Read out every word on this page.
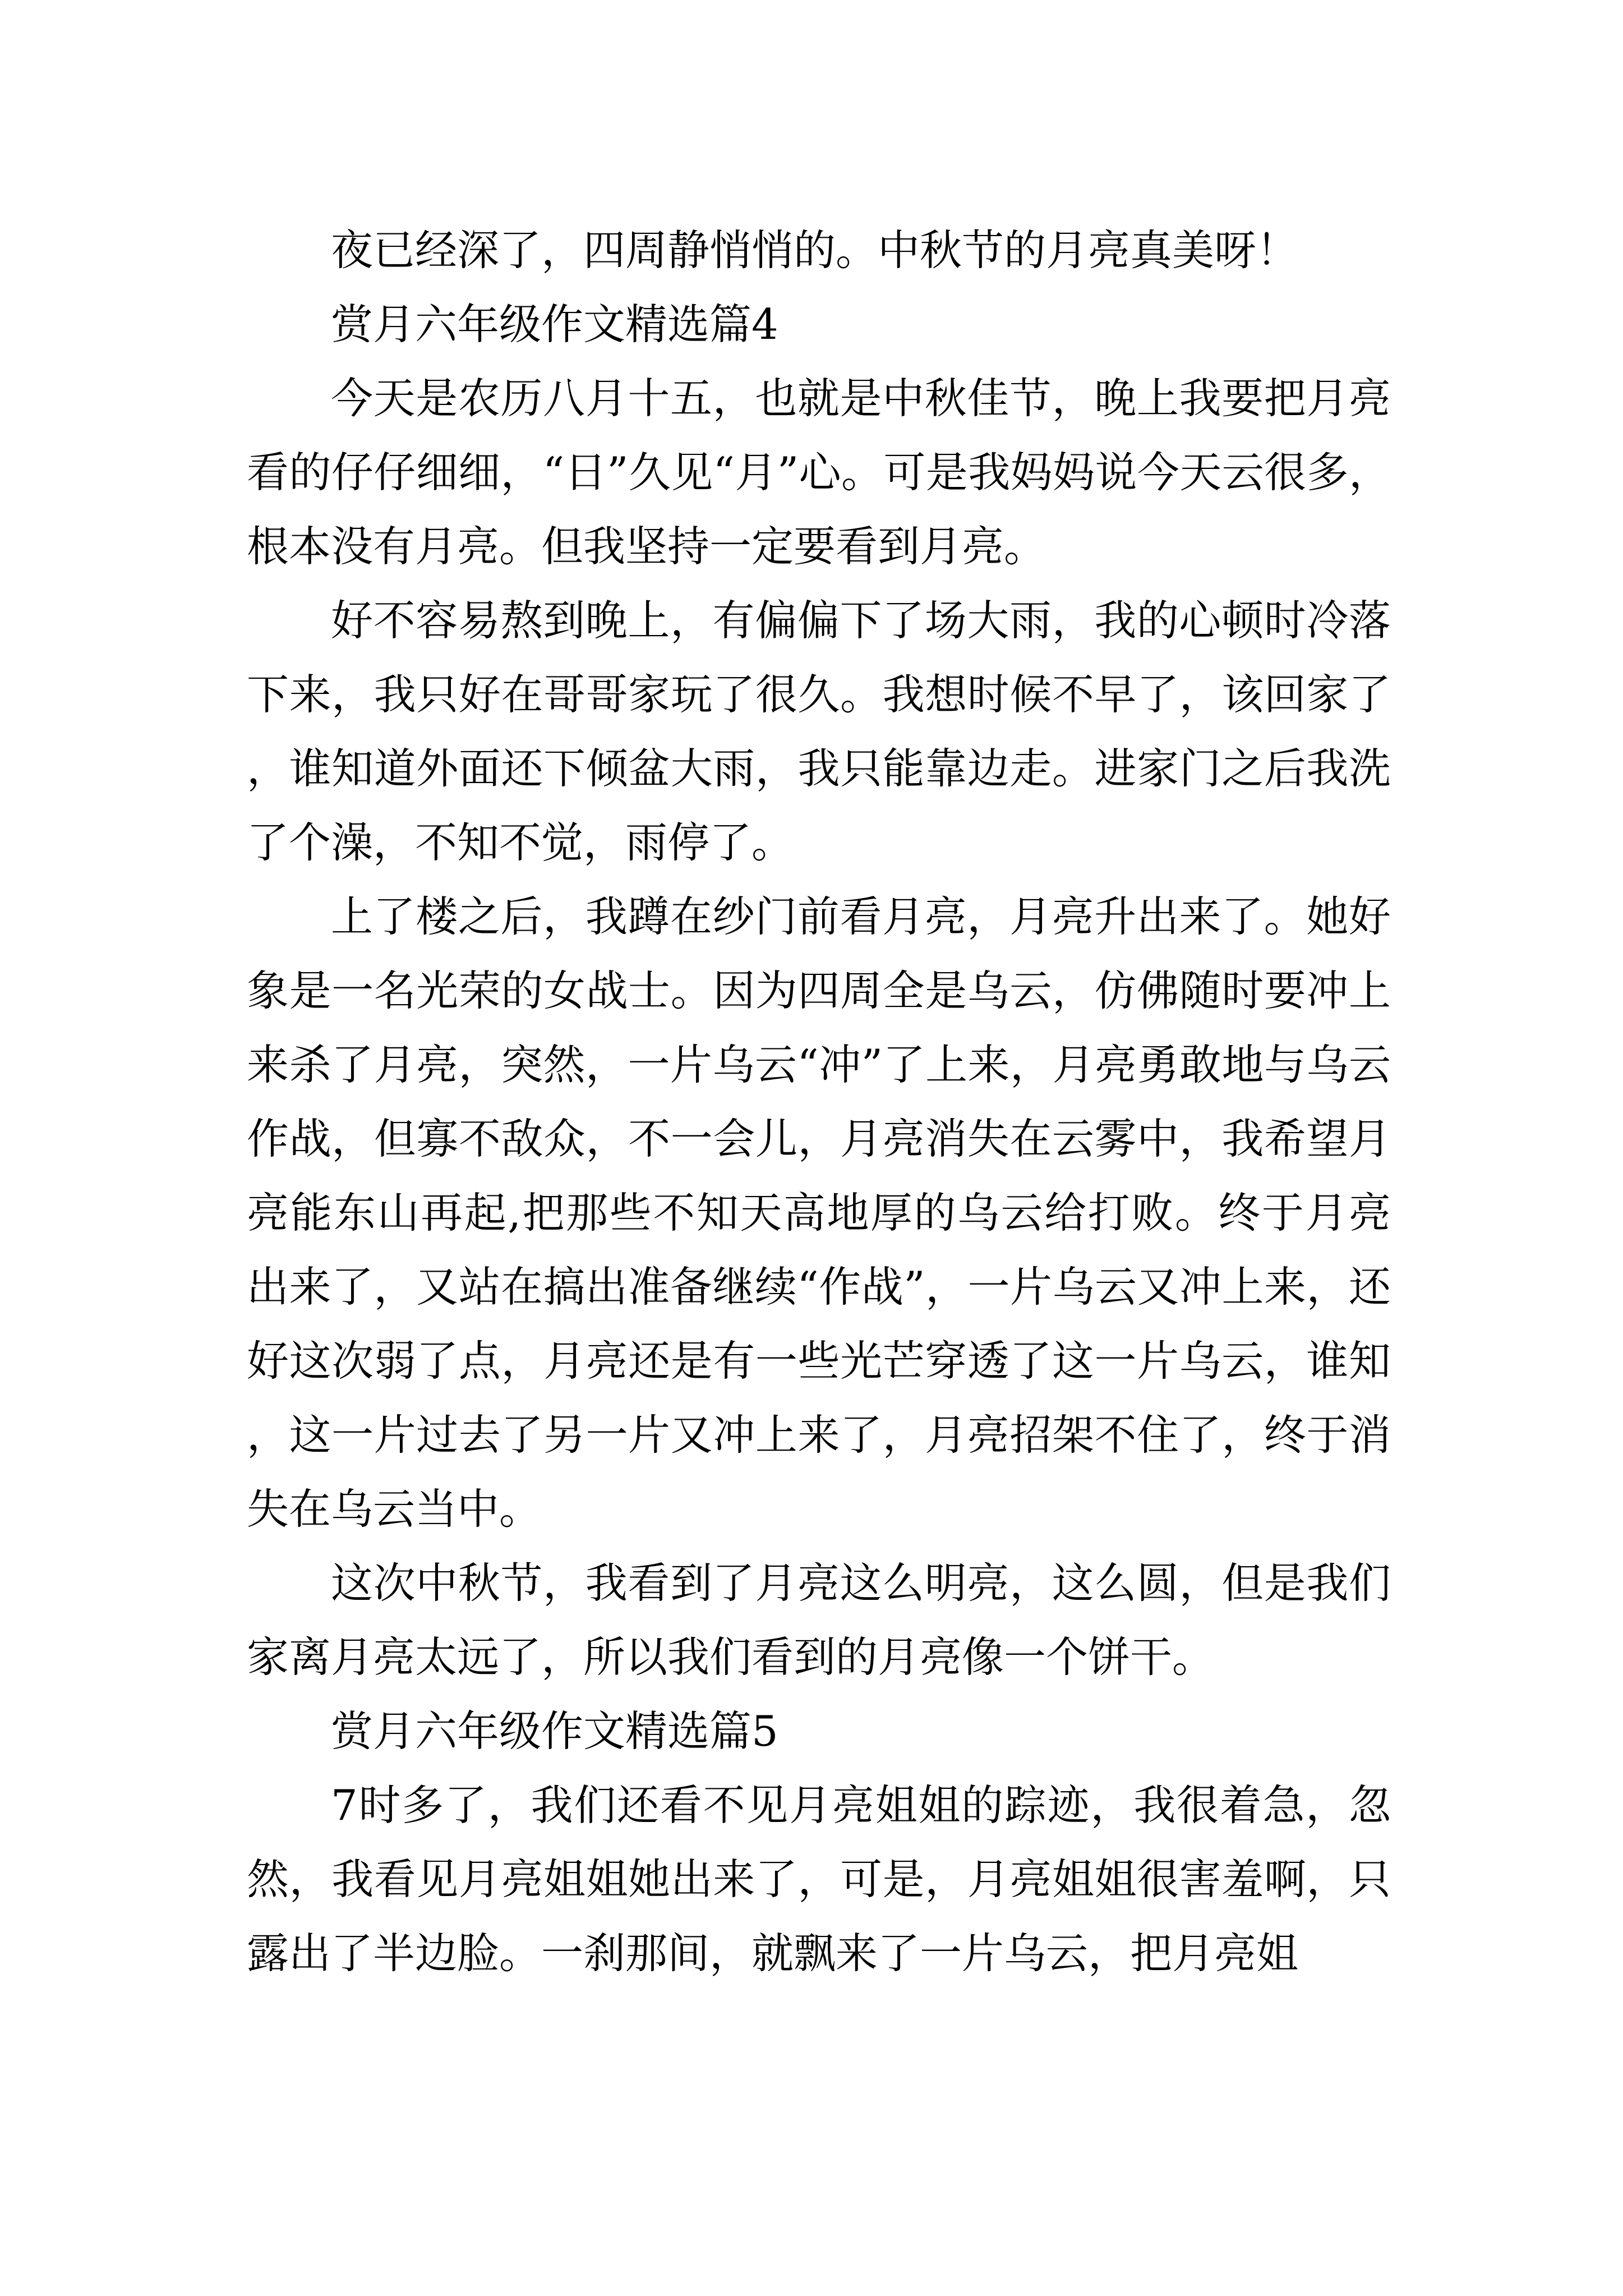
夜已经深了，四周静悄悄的。中秋节的月亮真美呀！

赏月六年级作文精选篇4

今天是农历八月十五，也就是中秋佳节，晚上我要把月亮看的仔仔细细，“日”久见“月”心。可是我妈妈说今天云很多，根本没有月亮。但我坚持一定要看到月亮。

好不容易熬到晚上，有偏偏下了场大雨，我的心顿时冷落下来，我只好在哥哥家玩了很久。我想时候不早了，该回家了，谁知道外面还下倾盆大雨，我只能靠边走。进家门之后我洗了个澡，不知不觉，雨停了。

上了楼之后，我蹲在纱门前看月亮，月亮升出来了。她好象是一名光荣的女战士。因为四周全是乌云，仿佛随时要冲上来杀了月亮，突然，一片乌云“冲”了上来，月亮勇敢地与乌云作战，但寡不敌众，不一会儿，月亮消失在云雾中，我希望月亮能东山再起,把那些不知天高地厚的乌云给打败。终于月亮出来了，又站在搞出准备继续“作战”，一片乌云又冲上来，还好这次弱了点，月亮还是有一些光芒穿透了这一片乌云，谁知，这一片过去了另一片又冲上来了，月亮招架不住了，终于消失在乌云当中。

这次中秋节，我看到了月亮这么明亮，这么圆，但是我们家离月亮太远了，所以我们看到的月亮像一个饼干。

赏月六年级作文精选篇5

7时多了，我们还看不见月亮姐姐的踪迹，我很着急，忽然，我看见月亮姐姐她出来了，可是，月亮姐姐很害羞啊，只露出了半边脸。一刹那间，就飘来了一片乌云，把月亮姐
